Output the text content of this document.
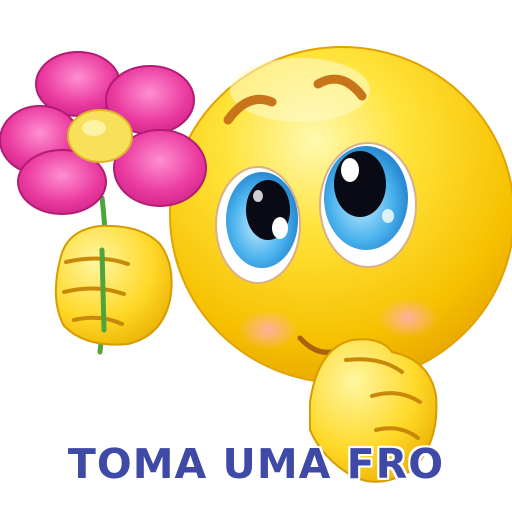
TOMA UMA FRO
